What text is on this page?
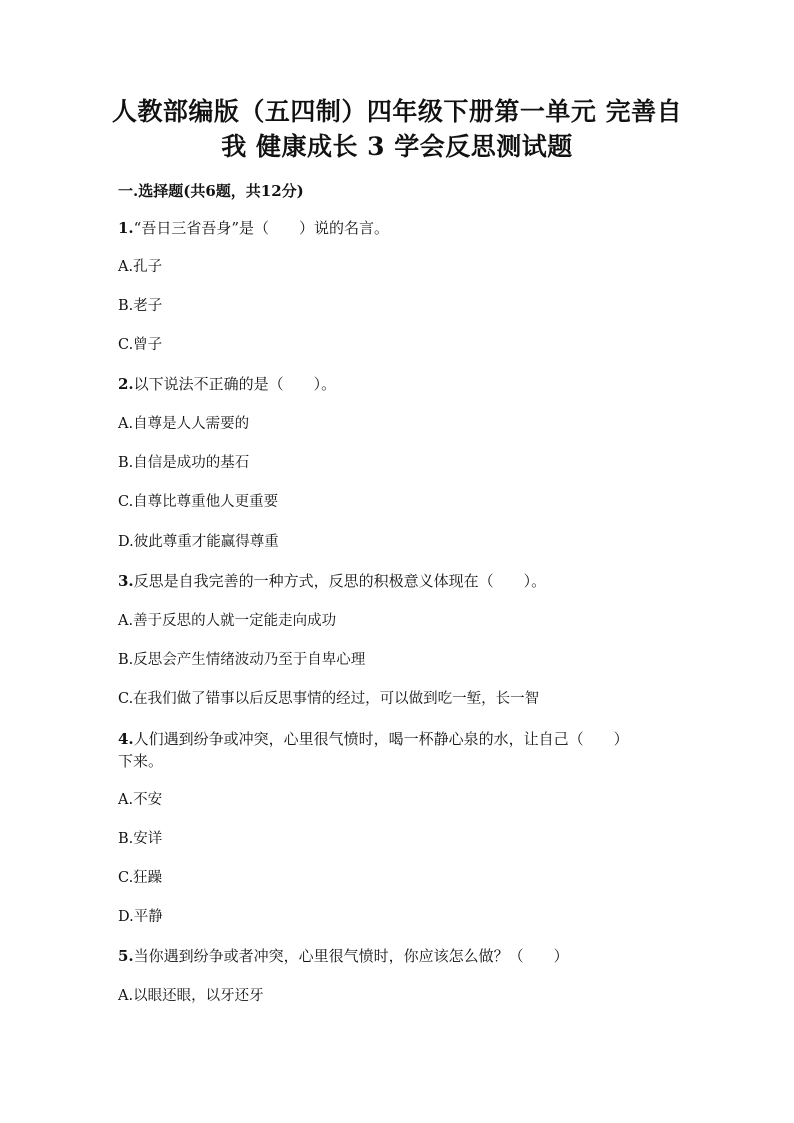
人教部编版（五四制）四年级下册第一单元 完善自
我 健康成长 3 学会反思测试题
一.选择题(共6题，共12分)
1.“吾日三省吾身”是（　　）说的名言。
A.孔子
B.老子
C.曾子
2.以下说法不正确的是（　　）。
A.自尊是人人需要的
B.自信是成功的基石
C.自尊比尊重他人更重要
D.彼此尊重才能赢得尊重
3.反思是自我完善的一种方式，反思的积极意义体现在（　　）。
A.善于反思的人就一定能走向成功
B.反思会产生情绪波动乃至于自卑心理
C.在我们做了错事以后反思事情的经过，可以做到吃一堑，长一智
4.人们遇到纷争或冲突，心里很气愤时，喝一杯静心泉的水，让自己（　　）
下来。
A.不安
B.安详
C.狂躁
D.平静
5.当你遇到纷争或者冲突，心里很气愤时，你应该怎么做？（　　）
A.以眼还眼，以牙还牙
